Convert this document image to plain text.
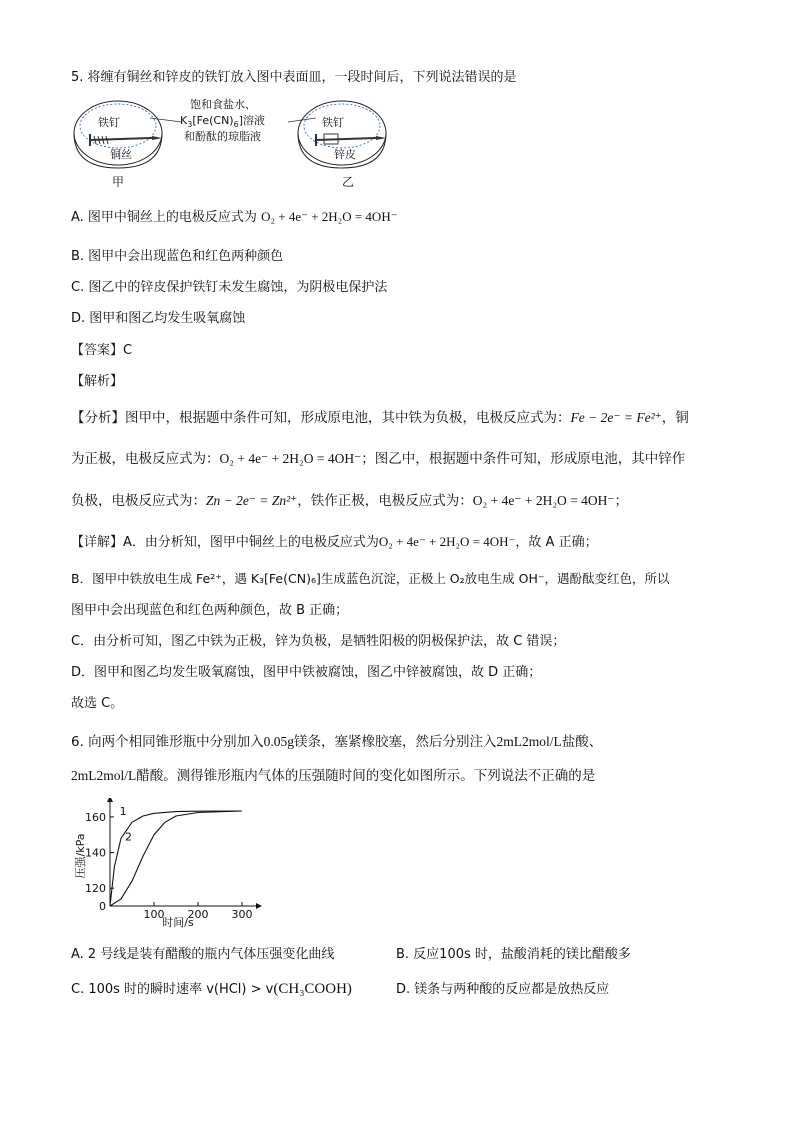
5. 将缠有铜丝和锌皮的铁钉放入图中表面皿，一段时间后，下列说法错误的是
铁钉
铜丝
甲
饱和食盐水、
$K_3[Fe(CN)_6]$溶液
和酚酞的琼脂液
铁钉
锌皮
乙
A. 图甲中铜丝上的电极反应式为 O₂ + 4e⁻ + 2H₂O = 4OH⁻
B. 图甲中会出现蓝色和红色两种颜色
C. 图乙中的锌皮保护铁钉未发生腐蚀，为阴极电保护法
D. 图甲和图乙均发生吸氧腐蚀
【答案】C
【解析】
【分析】图甲中，根据题中条件可知，形成原电池，其中铁为负极，电极反应式为：Fe − 2e⁻ = Fe²⁺，铜
为正极，电极反应式为：O₂ + 4e⁻ + 2H₂O = 4OH⁻；图乙中，根据题中条件可知，形成原电池，其中锌作
负极，电极反应式为：Zn − 2e⁻ = Zn²⁺，铁作正极，电极反应式为：O₂ + 4e⁻ + 2H₂O = 4OH⁻；
【详解】A．由分析知，图甲中铜丝上的电极反应式为O₂ + 4e⁻ + 2H₂O = 4OH⁻，故 A 正确；
B．图甲中铁放电生成 Fe²⁺，遇 K₃[Fe(CN)₆]生成蓝色沉淀，正极上 O₂放电生成 OH⁻，遇酚酞变红色，所以
图甲中会出现蓝色和红色两种颜色，故 B 正确；
C．由分析可知，图乙中铁为正极，锌为负极，是牺牲阳极的阴极保护法，故 C 错误；
D．图甲和图乙均发生吸氧腐蚀，图甲中铁被腐蚀，图乙中锌被腐蚀，故 D 正确；
故选 C。
6. 向两个相同锥形瓶中分别加入0.05g镁条，塞紧橡胶塞，然后分别注入2mL2mol/L盐酸、
2mL2mol/L醋酸。测得锥形瓶内气体的压强随时间的变化如图所示。下列说法不正确的是
压强/kPa
时间/s
0
120
140
160
100 200 300
1
2
A. 2 号线是装有醋酸的瓶内气体压强变化曲线	B. 反应100s 时，盐酸消耗的镁比醋酸多
C. 100s 时的瞬时速率 v(HCl) > v(CH₃COOH)	D. 镁条与两种酸的反应都是放热反应
